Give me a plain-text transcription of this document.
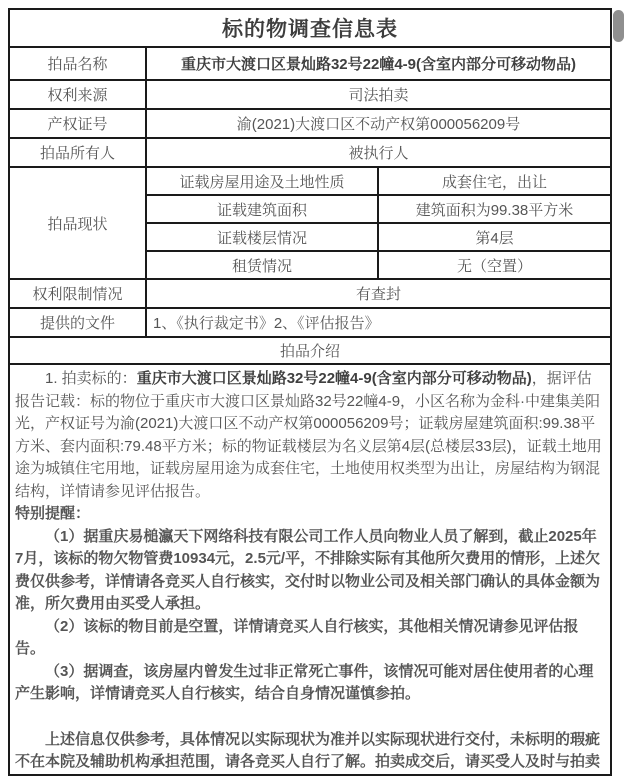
标的物调查信息表
拍品名称	重庆市大渡口区景灿路32号22幢4-9(含室内部分可移动物品)
权利来源	司法拍卖
产权证号	渝(2021)大渡口区不动产权第000056209号
拍品所有人	被执行人
拍品现状
证载房屋用途及土地性质	成套住宅，出让
证载建筑面积	建筑面积为99.38平方米
证载楼层情况	第4层
租赁情况	无（空置）
权利限制情况	有查封
提供的文件	1、《执行裁定书》2、《评估报告》
拍品介绍

1. 拍卖标的：重庆市大渡口区景灿路32号22幢4-9(含室内部分可移动物品)，据评估报告记载：标的物位于重庆市大渡口区景灿路32号22幢4-9，小区名称为金科·中建集美阳光，产权证号为渝(2021)大渡口区不动产权第000056209号；证载房屋建筑面积:99.38平方米、套内面积:79.48平方米；标的物证载楼层为名义层第4层(总楼层33层)，证载土地用途为城镇住宅用地，证载房屋用途为成套住宅，土地使用权类型为出让，房屋结构为钢混结构，详情请参见评估报告。

特别提醒：

（1）据重庆易槌瀛天下网络科技有限公司工作人员向物业人员了解到，截止2025年7月，该标的物欠物管费10934元，2.5元/平，不排除实际有其他所欠费用的情形，上述欠费仅供参考，详情请各竞买人自行核实，交付时以物业公司及相关部门确认的具体金额为准，所欠费用由买受人承担。

（2）该标的物目前是空置，详情请竞买人自行核实，其他相关情况请参见评估报告。

（3）据调查，该房屋内曾发生过非正常死亡事件，该情况可能对居住使用者的心理产生影响，详情请竞买人自行核实，结合自身情况谨慎参拍。

上述信息仅供参考，具体情况以实际现状为准并以实际现状进行交付，未标明的瑕疵不在本院及辅助机构承担范围，请各竞买人自行了解。拍卖成交后，请买受人及时与拍卖
